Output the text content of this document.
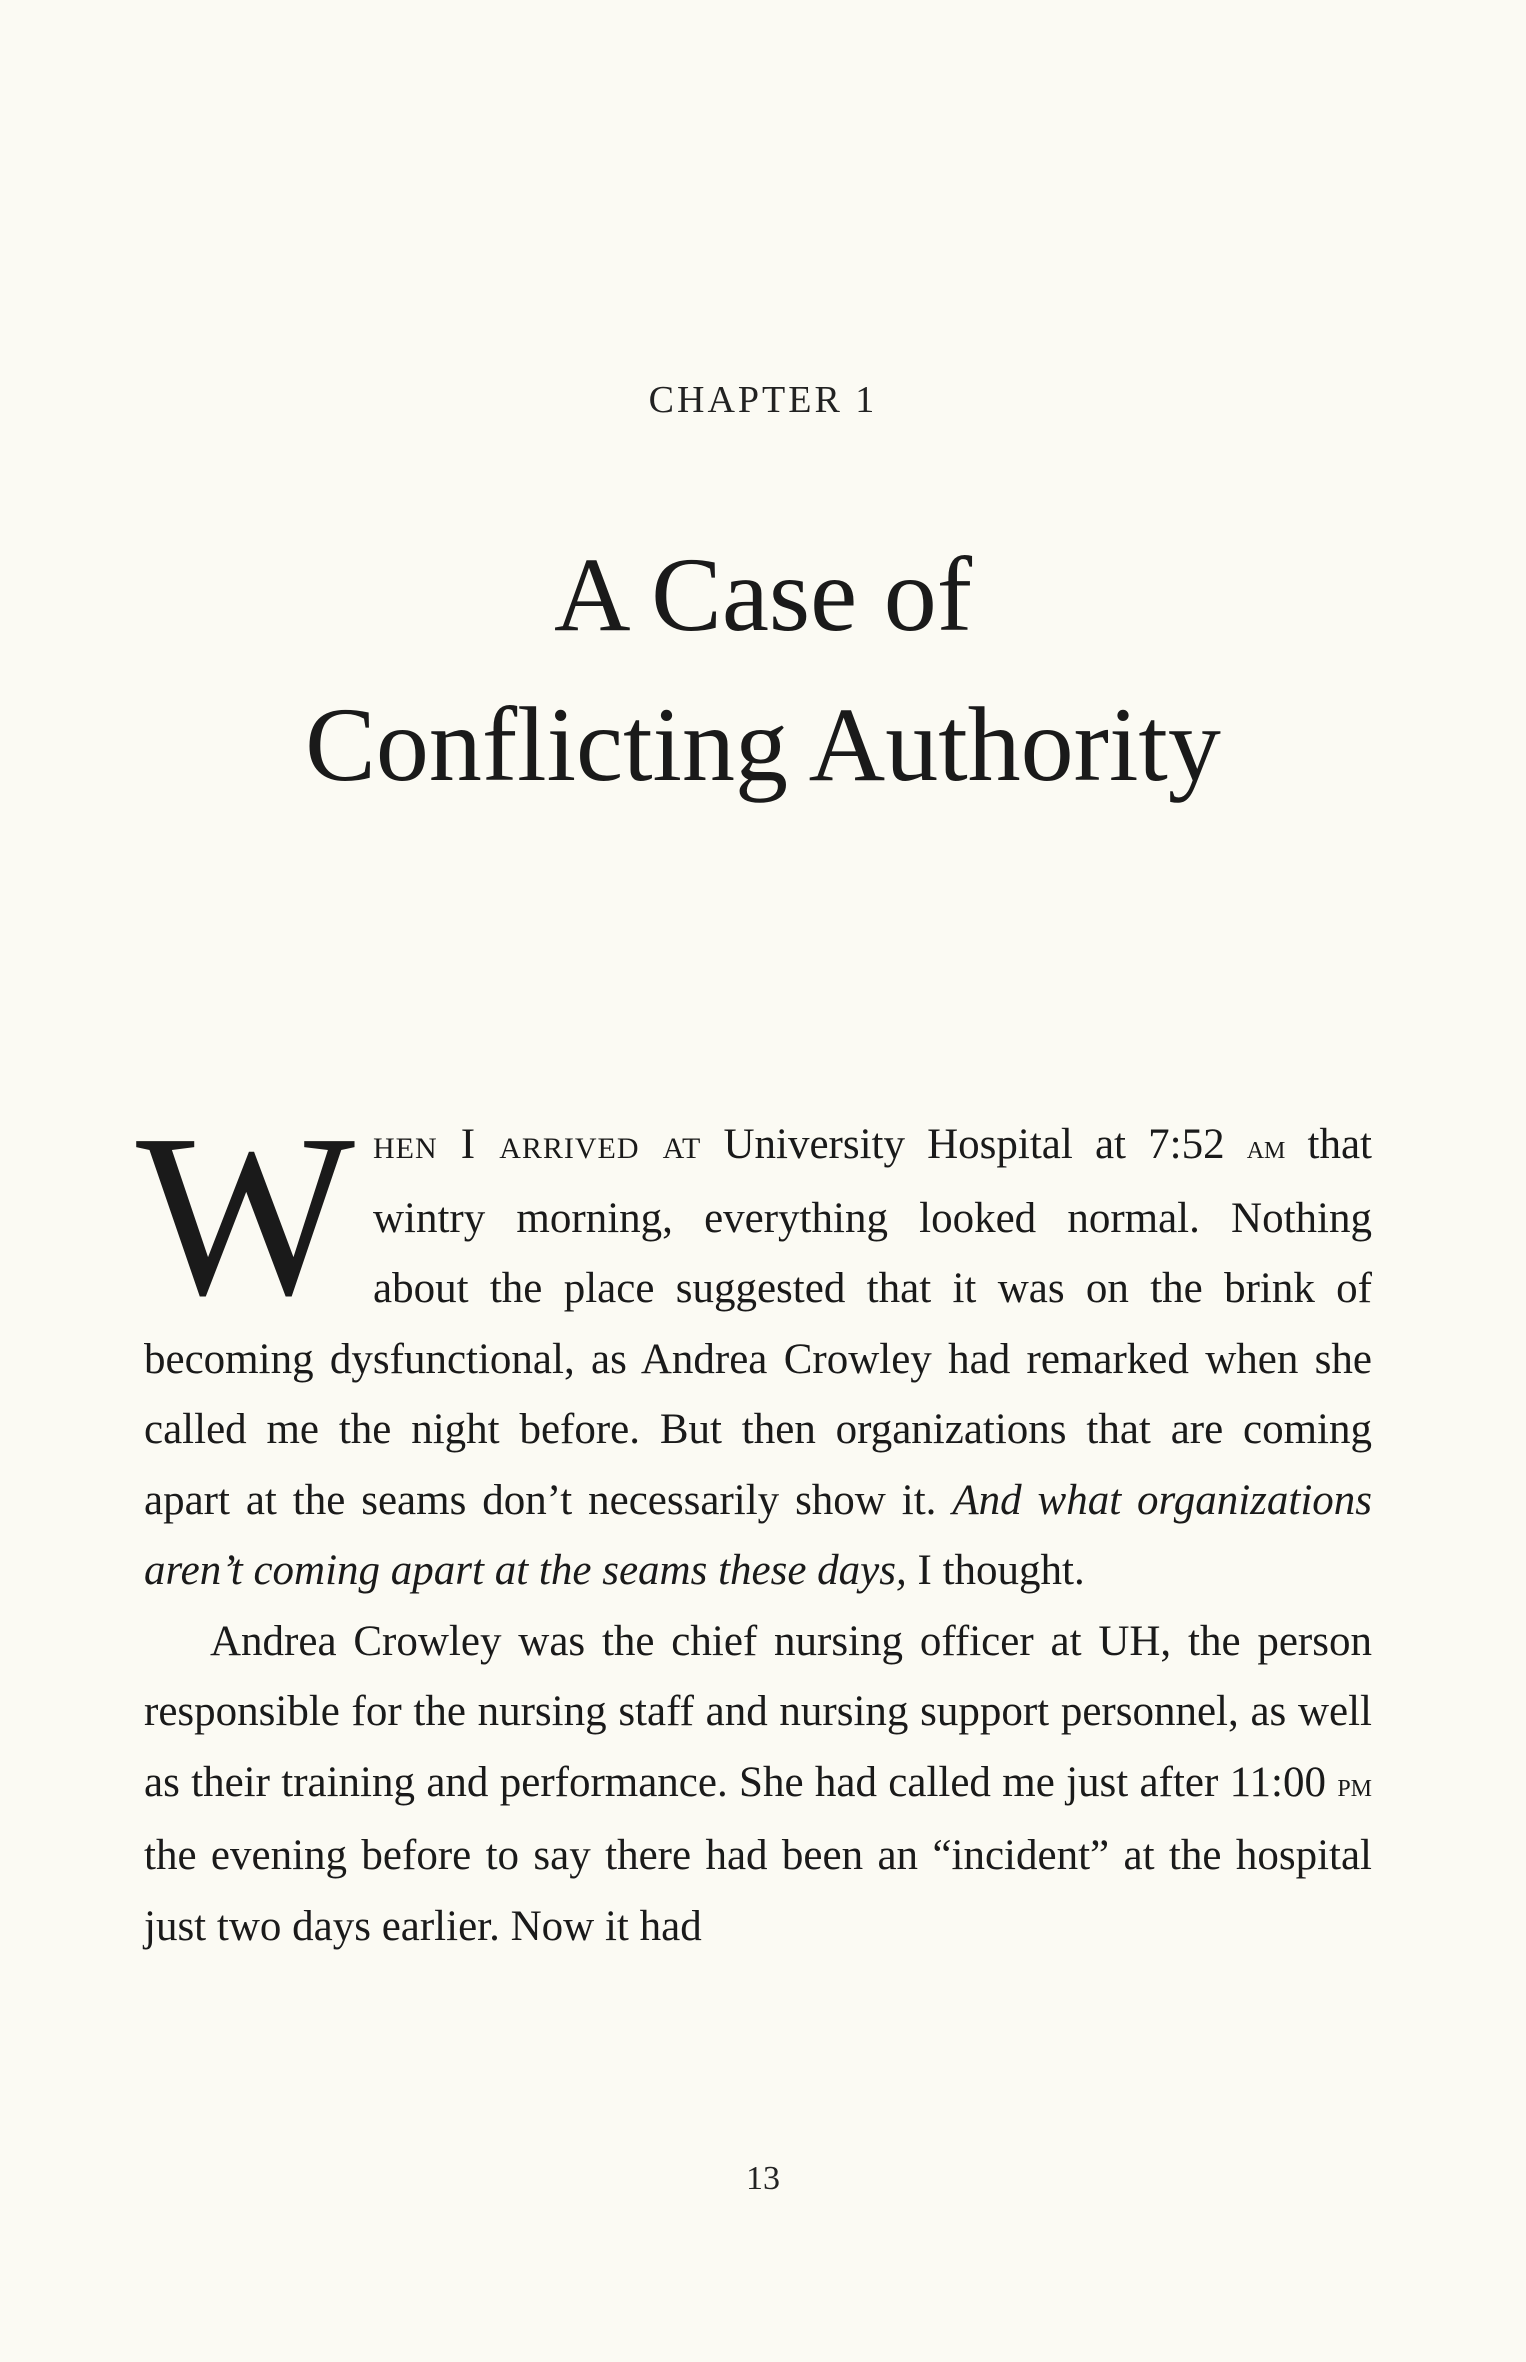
CHAPTER 1
A Case of
Conflicting Authority

When I arrived at University Hospital at 7:52 am that wintry morning, everything looked normal. Nothing about the place suggested that it was on the brink of becoming dysfunctional, as Andrea Crowley had remarked when she called me the night before. But then organizations that are coming apart at the seams don’t necessarily show it. And what organizations aren’t coming apart at the seams these days, I thought.

Andrea Crowley was the chief nursing officer at UH, the person responsible for the nursing staff and nursing support personnel, as well as their training and performance. She had called me just after 11:00 pm the evening before to say there had been an “incident” at the hospital just two days earlier. Now it had

13
